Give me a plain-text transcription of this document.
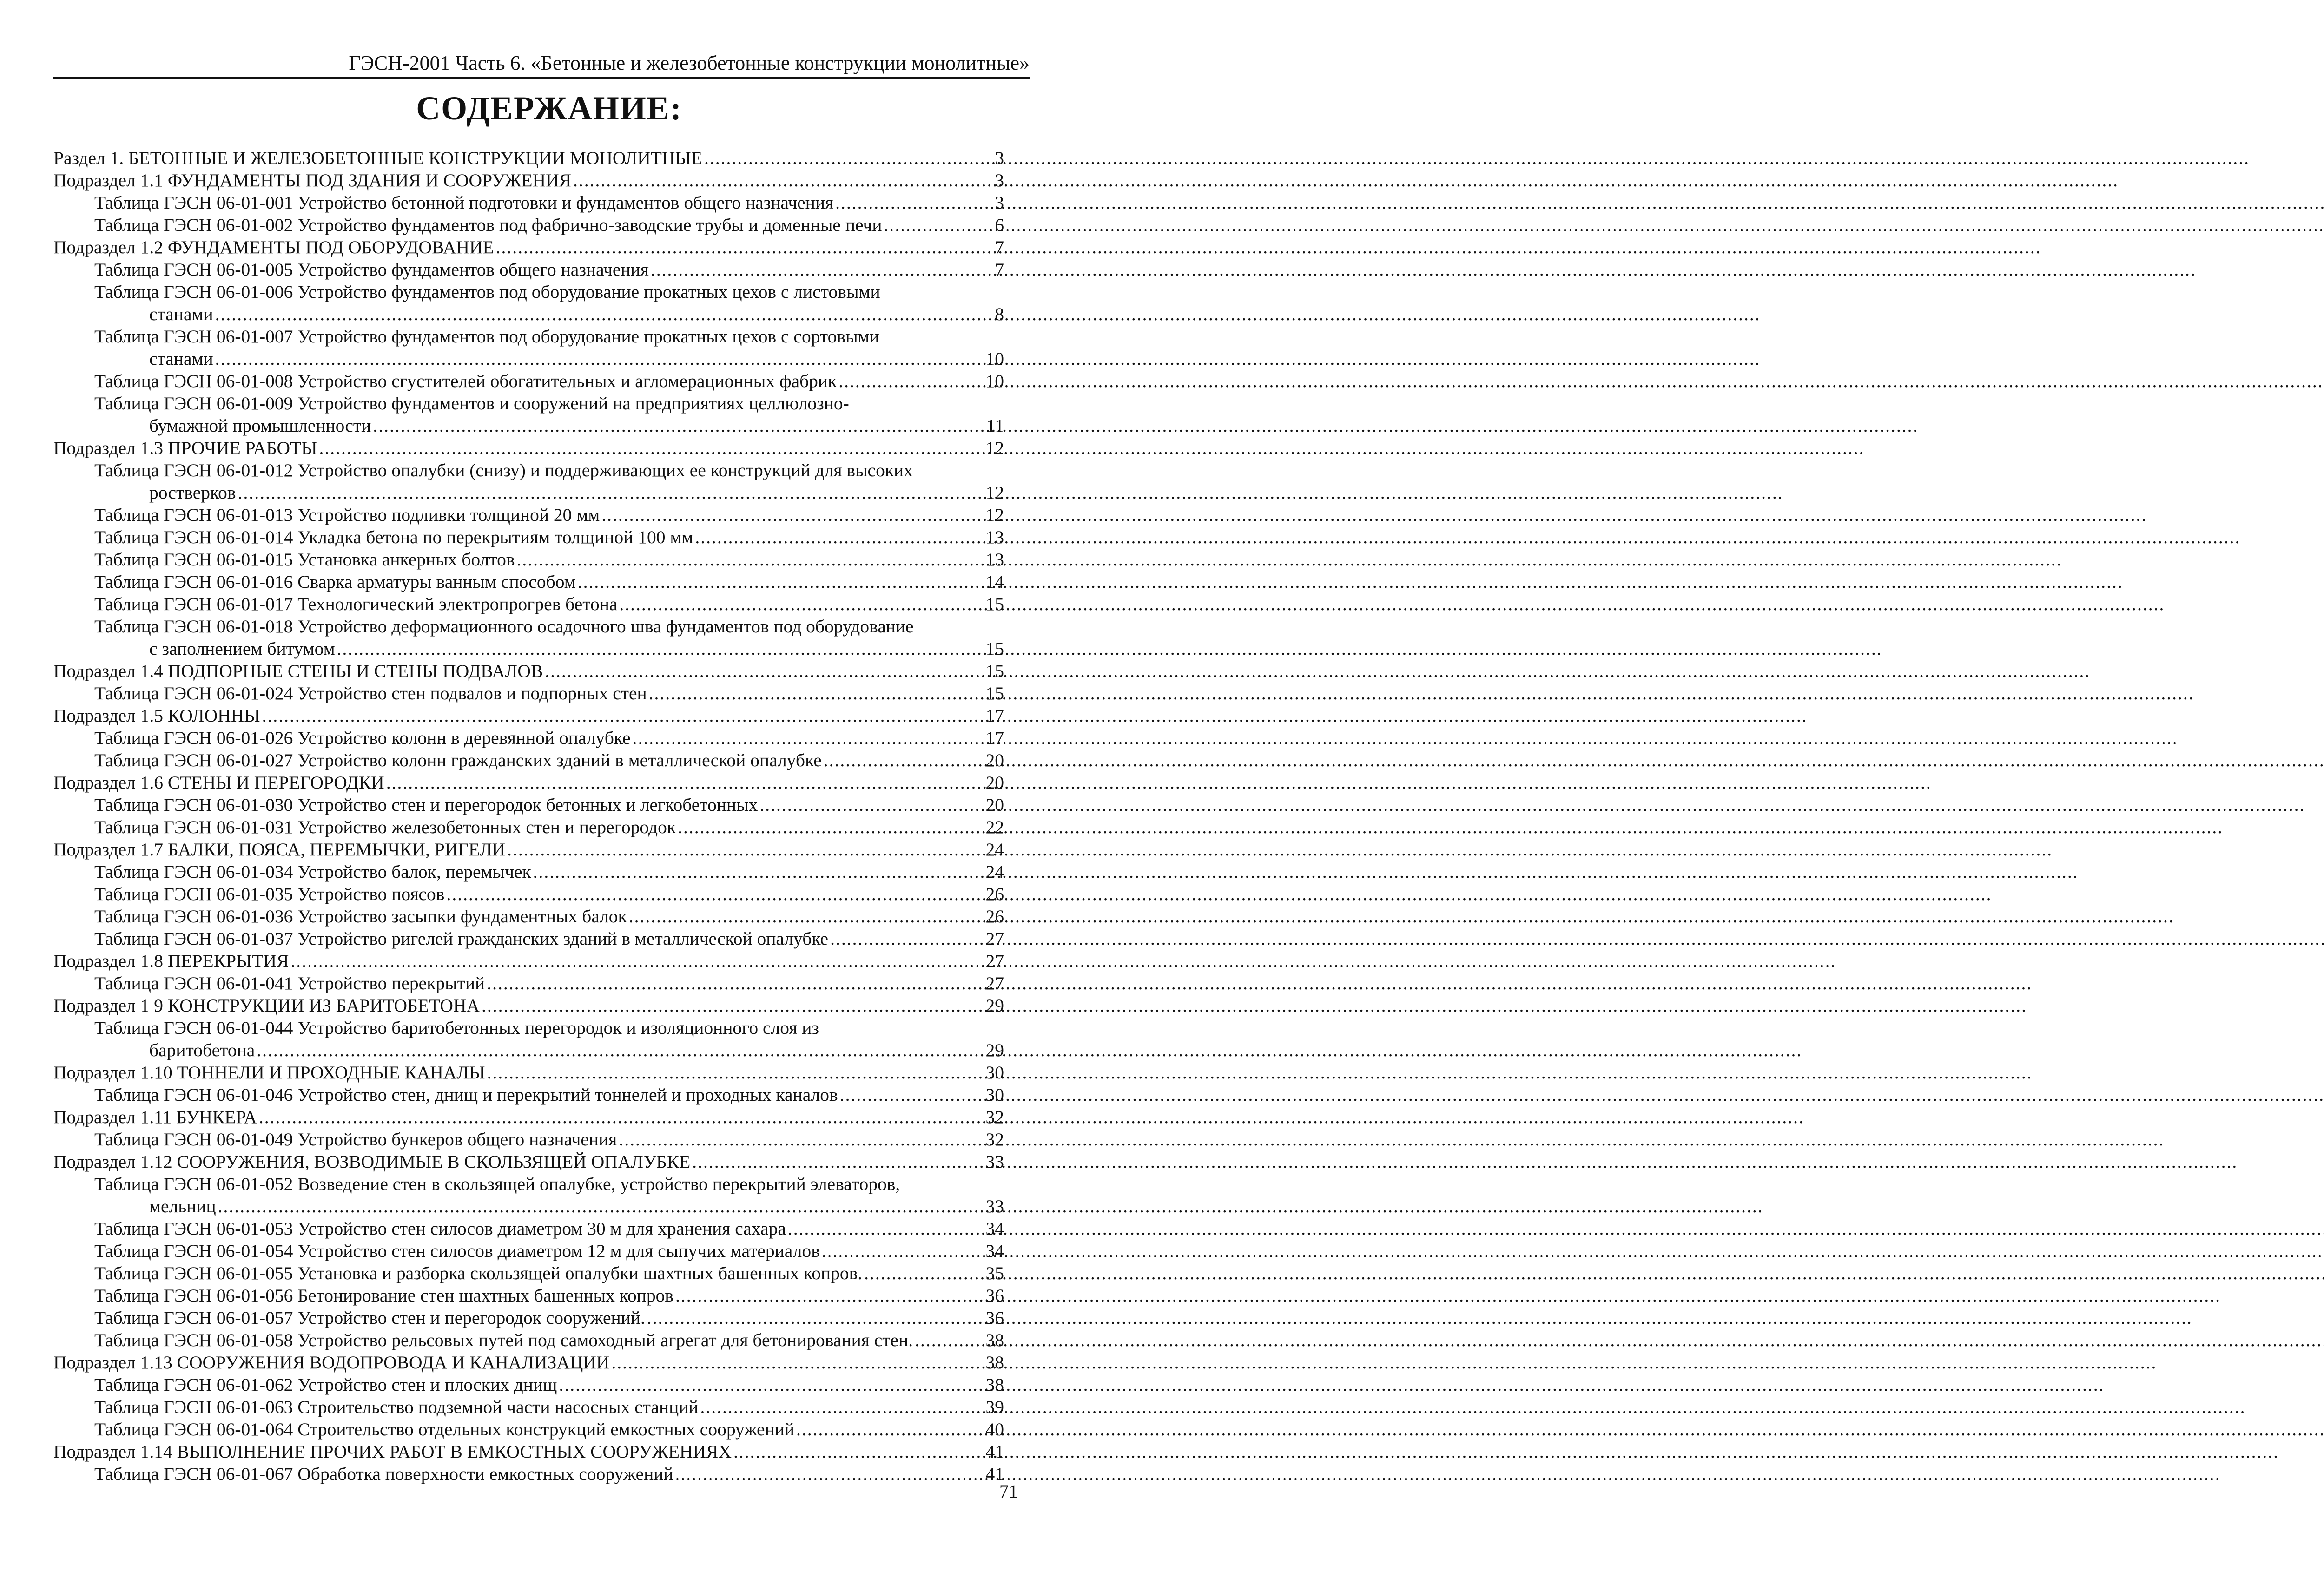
ГЭСН-2001 Часть 6. «Бетонные и железобетонные конструкции монолитные»
СОДЕРЖАНИЕ:
Раздел 1. БЕТОННЫЕ И ЖЕЛЕЗОБЕТОННЫЕ КОНСТРУКЦИИ МОНОЛИТНЫЕ .....	3
Подраздел 1.1 ФУНДАМЕНТЫ ПОД ЗДАНИЯ И СООРУЖЕНИЯ .....	3
Таблица ГЭСН 06-01-001 Устройство бетонной подготовки и фундаментов общего назначения .....	3
Таблица ГЭСН 06-01-002 Устройство фундаментов под фабрично-заводские трубы и доменные печи .....	6
Подраздел 1.2 ФУНДАМЕНТЫ ПОД ОБОРУДОВАНИЕ .....	7
Таблица ГЭСН 06-01-005 Устройство фундаментов общего назначения .....	7
Таблица ГЭСН 06-01-006 Устройство фундаментов под оборудование прокатных цехов с листовыми
станами .....	8
Таблица ГЭСН 06-01-007 Устройство фундаментов под оборудование прокатных цехов с сортовыми
станами .....	10
Таблица ГЭСН 06-01-008 Устройство сгустителей обогатительных и агломерационных фабрик .....	10
Таблица ГЭСН 06-01-009 Устройство фундаментов и сооружений на предприятиях целлюлозно-
бумажной промышленности .....	11
Подраздел 1.3 ПРОЧИЕ РАБОТЫ .....	12
Таблица ГЭСН 06-01-012 Устройство опалубки (снизу) и поддерживающих ее конструкций для высоких
ростверков .....	12
Таблица ГЭСН 06-01-013 Устройство подливки толщиной 20 мм .....	12
Таблица ГЭСН 06-01-014 Укладка бетона по перекрытиям толщиной 100 мм .....	13
Таблица ГЭСН 06-01-015 Установка анкерных болтов .....	13
Таблица ГЭСН 06-01-016 Сварка арматуры ванным способом .....	14
Таблица ГЭСН 06-01-017 Технологический электропрогрев бетона .....	15
Таблица ГЭСН 06-01-018 Устройство деформационного осадочного шва фундаментов под оборудование
с заполнением битумом .....	15
Подраздел 1.4 ПОДПОРНЫЕ СТЕНЫ И СТЕНЫ ПОДВАЛОВ .....	15
Таблица ГЭСН 06-01-024 Устройство стен подвалов и подпорных стен .....	15
Подраздел 1.5 КОЛОННЫ .....	17
Таблица ГЭСН 06-01-026 Устройство колонн в деревянной опалубке .....	17
Таблица ГЭСН 06-01-027 Устройство колонн гражданских зданий в металлической опалубке .....	20
Подраздел 1.6 СТЕНЫ И ПЕРЕГОРОДКИ .....	20
Таблица ГЭСН 06-01-030 Устройство стен и перегородок бетонных и легкобетонных .....	20
Таблица ГЭСН 06-01-031 Устройство железобетонных стен и перегородок .....	22
Подраздел 1.7 БАЛКИ, ПОЯСА, ПЕРЕМЫЧКИ, РИГЕЛИ .....	24
Таблица ГЭСН 06-01-034 Устройство балок, перемычек .....	24
Таблица ГЭСН 06-01-035 Устройство поясов .....	26
Таблица ГЭСН 06-01-036 Устройство засыпки фундаментных балок .....	26
Таблица ГЭСН 06-01-037 Устройство ригелей гражданских зданий в металлической опалубке .....	27
Подраздел 1.8 ПЕРЕКРЫТИЯ .....	27
Таблица ГЭСН 06-01-041 Устройство перекрытий .....	27
Подраздел 1 9 КОНСТРУКЦИИ ИЗ БАРИТОБЕТОНА .....	29
Таблица ГЭСН 06-01-044 Устройство баритобетонных перегородок и изоляционного слоя из
баритобетона .....	29
Подраздел 1.10 ТОННЕЛИ И ПРОХОДНЫЕ КАНАЛЫ .....	30
Таблица ГЭСН 06-01-046 Устройство стен, днищ и перекрытий тоннелей и проходных каналов .....	30
Подраздел 1.11 БУНКЕРА .....	32
Таблица ГЭСН 06-01-049 Устройство бункеров общего назначения .....	32
Подраздел 1.12 СООРУЖЕНИЯ, ВОЗВОДИМЫЕ В СКОЛЬЗЯЩЕЙ ОПАЛУБКЕ .....	33
Таблица ГЭСН 06-01-052 Возведение стен в скользящей опалубке, устройство перекрытий элеваторов,
мельниц .....	33
Таблица ГЭСН 06-01-053 Устройство стен силосов диаметром 30 м для хранения сахара .....	34
Таблица ГЭСН 06-01-054 Устройство стен силосов диаметром 12 м для сыпучих материалов .....	34
Таблица ГЭСН 06-01-055 Установка и разборка скользящей опалубки шахтных башенных копров. .....	35
Таблица ГЭСН 06-01-056 Бетонирование стен шахтных башенных копров .....	36
Таблица ГЭСН 06-01-057 Устройство стен и перегородок сооружений. .....	36
Таблица ГЭСН 06-01-058 Устройство рельсовых путей под самоходный агрегат для бетонирования стен. .....	38
Подраздел 1.13 СООРУЖЕНИЯ ВОДОПРОВОДА И КАНАЛИЗАЦИИ .....	38
Таблица ГЭСН 06-01-062 Устройство стен и плоских днищ .....	38
Таблица ГЭСН 06-01-063 Строительство подземной части насосных станций .....	39
Таблица ГЭСН 06-01-064 Строительство отдельных конструкций емкостных сооружений .....	40
Подраздел 1.14 ВЫПОЛНЕНИЕ ПРОЧИХ РАБОТ В ЕМКОСТНЫХ СООРУЖЕНИЯХ .....	41
Таблица ГЭСН 06-01-067 Обработка поверхности емкостных сооружений .....	41
71
